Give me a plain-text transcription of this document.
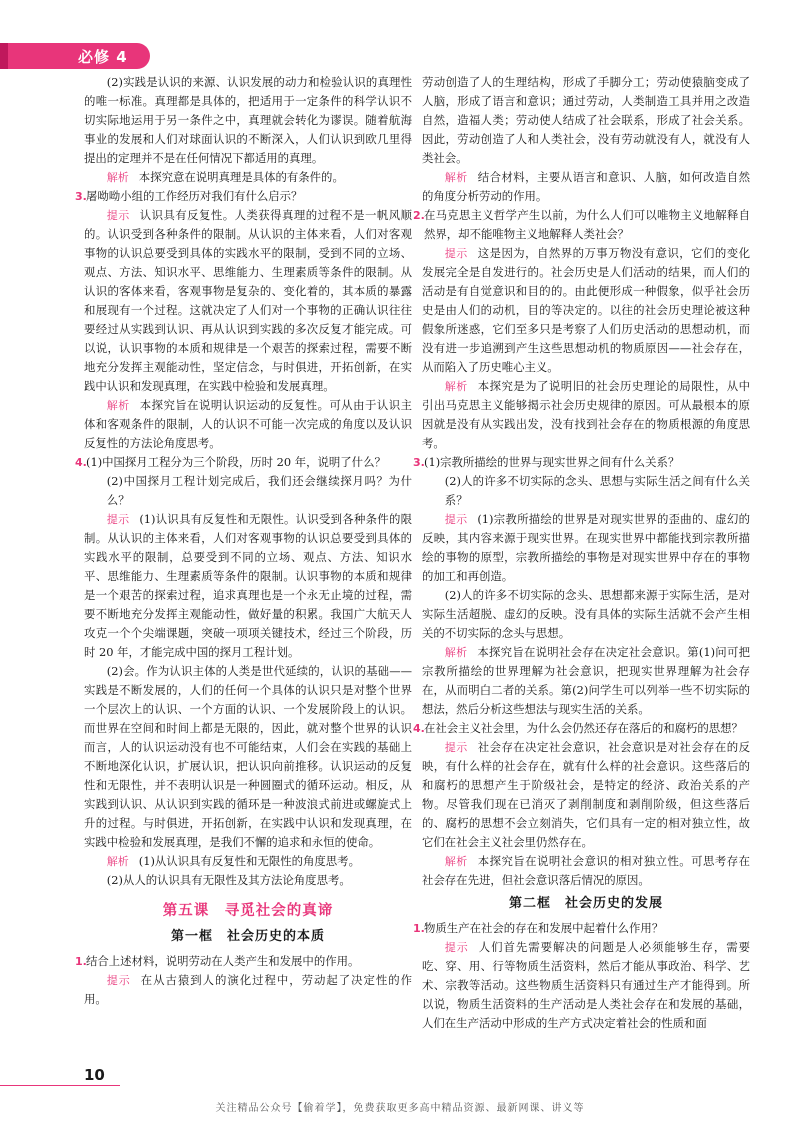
必修 4

(2)实践是认识的来源、认识发展的动力和检验认识的真理性的唯一标准。真理都是具体的，把适用于一定条件的科学认识不切实际地运用于另一条件之中，真理就会转化为谬误。随着航海事业的发展和人们对球面认识的不断深入，人们认识到欧几里得提出的定理并不是在任何情况下都适用的真理。

解析 本探究意在说明真理是具体的有条件的。

3. 屠呦呦小组的工作经历对我们有什么启示？

提示 认识具有反复性。人类获得真理的过程不是一帆风顺的。认识受到各种条件的限制。从认识的主体来看，人们对客观事物的认识总要受到具体的实践水平的限制，受到不同的立场、观点、方法、知识水平、思维能力、生理素质等条件的限制。从认识的客体来看，客观事物是复杂的、变化着的，其本质的暴露和展现有一个过程。这就决定了人们对一个事物的正确认识往往要经过从实践到认识、再从认识到实践的多次反复才能完成。可以说，认识事物的本质和规律是一个艰苦的探索过程，需要不断地充分发挥主观能动性，坚定信念，与时俱进，开拓创新，在实践中认识和发现真理，在实践中检验和发展真理。

解析 本探究旨在说明认识运动的反复性。可从由于认识主体和客观条件的限制，人的认识不可能一次完成的角度以及认识反复性的方法论角度思考。

4. (1)中国探月工程分为三个阶段，历时 20 年，说明了什么？

(2)中国探月工程计划完成后，我们还会继续探月吗？为什么？

提示 (1)认识具有反复性和无限性。认识受到各种条件的限制。从认识的主体来看，人们对客观事物的认识总要受到具体的实践水平的限制，总要受到不同的立场、观点、方法、知识水平、思维能力、生理素质等条件的限制。认识事物的本质和规律是一个艰苦的探索过程，追求真理也是一个永无止境的过程，需要不断地充分发挥主观能动性，做好量的积累。我国广大航天人攻克一个个尖端课题，突破一项项关键技术，经过三个阶段，历时 20 年，才能完成中国的探月工程计划。

(2)会。作为认识主体的人类是世代延续的，认识的基础——实践是不断发展的，人们的任何一个具体的认识只是对整个世界一个层次上的认识、一个方面的认识、一个发展阶段上的认识。而世界在空间和时间上都是无限的，因此，就对整个世界的认识而言，人的认识运动没有也不可能结束，人们会在实践的基础上不断地深化认识，扩展认识，把认识向前推移。认识运动的反复性和无限性，并不表明认识是一种圆圈式的循环运动。相反，从实践到认识、从认识到实践的循环是一种波浪式前进或螺旋式上升的过程。与时俱进，开拓创新，在实践中认识和发现真理，在实践中检验和发展真理，是我们不懈的追求和永恒的使命。

解析 (1)从认识具有反复性和无限性的角度思考。

(2)从人的认识具有无限性及其方法论角度思考。

第五课　寻觅社会的真谛
第一框　社会历史的本质

1. 结合上述材料，说明劳动在人类产生和发展中的作用。

提示 在从古猿到人的演化过程中，劳动起了决定性的作用。

劳动创造了人的生理结构，形成了手脚分工；劳动使猿脑变成了人脑，形成了语言和意识；通过劳动，人类制造工具并用之改造自然，造福人类；劳动使人结成了社会联系，形成了社会关系。因此，劳动创造了人和人类社会，没有劳动就没有人，就没有人类社会。

解析 结合材料，主要从语言和意识、人脑，如何改造自然的角度分析劳动的作用。

2. 在马克思主义哲学产生以前，为什么人们可以唯物主义地解释自然界，却不能唯物主义地解释人类社会？

提示 这是因为，自然界的万事万物没有意识，它们的变化发展完全是自发进行的。社会历史是人们活动的结果，而人们的活动是有自觉意识和目的的。由此便形成一种假象，似乎社会历史是由人们的动机，目的等决定的。以往的社会历史理论被这种假象所迷惑，它们至多只是考察了人们历史活动的思想动机，而没有进一步追溯到产生这些思想动机的物质原因——社会存在，从而陷入了历史唯心主义。

解析 本探究是为了说明旧的社会历史理论的局限性，从中引出马克思主义能够揭示社会历史规律的原因。可从最根本的原因就是没有从实践出发，没有找到社会存在的物质根源的角度思考。

3. (1)宗教所描绘的世界与现实世界之间有什么关系？

(2)人的许多不切实际的念头、思想与实际生活之间有什么关系？

提示 (1)宗教所描绘的世界是对现实世界的歪曲的、虚幻的反映，其内容来源于现实世界。在现实世界中都能找到宗教所描绘的事物的原型，宗教所描绘的事物是对现实世界中存在的事物的加工和再创造。

(2)人的许多不切实际的念头、思想都来源于实际生活，是对实际生活超脱、虚幻的反映。没有具体的实际生活就不会产生相关的不切实际的念头与思想。

解析 本探究旨在说明社会存在决定社会意识。第(1)问可把宗教所描绘的世界理解为社会意识，把现实世界理解为社会存在，从而明白二者的关系。第(2)问学生可以列举一些不切实际的想法，然后分析这些想法与现实生活的关系。

4. 在社会主义社会里，为什么会仍然还存在落后的和腐朽的思想？

提示 社会存在决定社会意识，社会意识是对社会存在的反映，有什么样的社会存在，就有什么样的社会意识。这些落后的和腐朽的思想产生于阶级社会，是特定的经济、政治关系的产物。尽管我们现在已消灭了剥削制度和剥削阶级，但这些落后的、腐朽的思想不会立刻消失，它们具有一定的相对独立性，故它们在社会主义社会里仍然存在。

解析 本探究旨在说明社会意识的相对独立性。可思考存在社会存在先进，但社会意识落后情况的原因。

第二框　社会历史的发展

1. 物质生产在社会的存在和发展中起着什么作用？

提示 人们首先需要解决的问题是人必须能够生存，需要吃、穿、用、行等物质生活资料，然后才能从事政治、科学、艺术、宗教等活动。这些物质生活资料只有通过生产才能得到。所以说，物质生活资料的生产活动是人类社会存在和发展的基础，人们在生产活动中形成的生产方式决定着社会的性质和面

10
关注精品公众号【偷着学】，免费获取更多高中精品资源、最新网课、讲义等
